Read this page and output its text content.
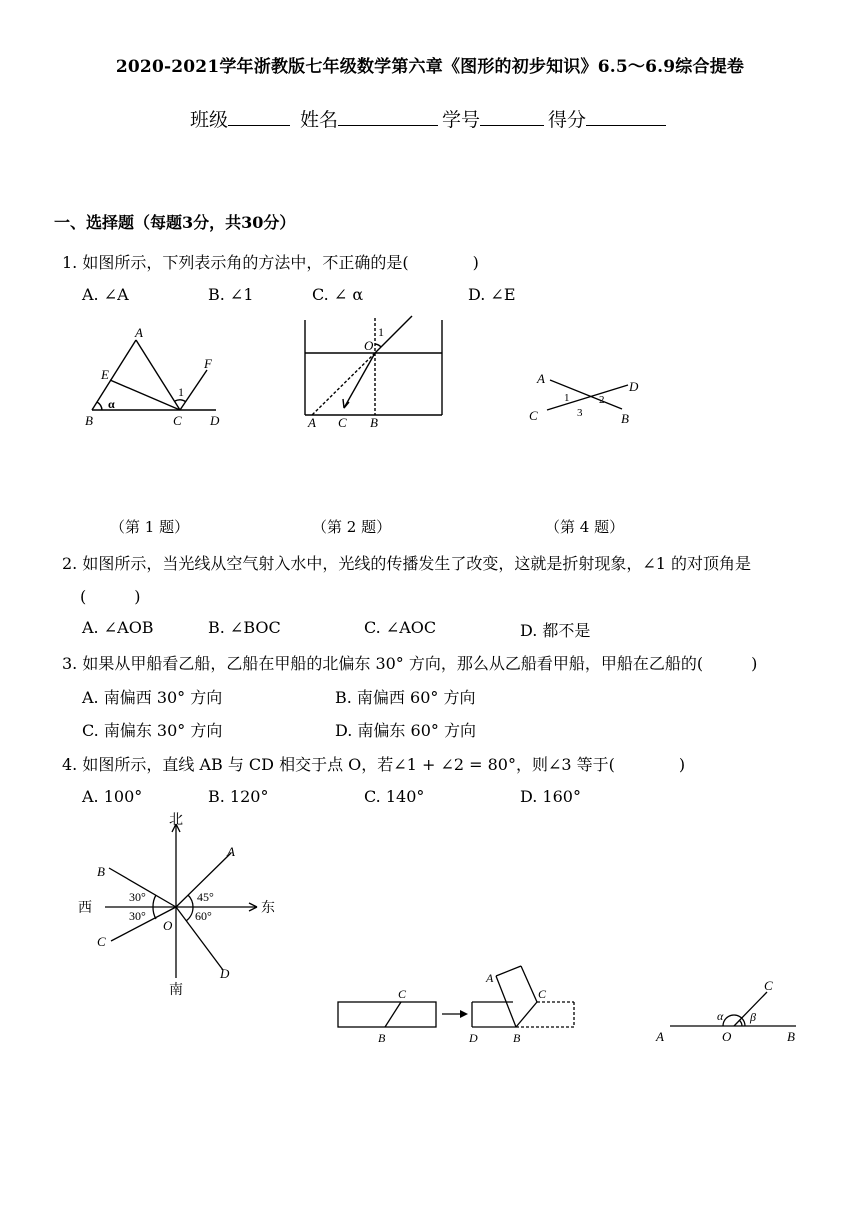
2020-2021学年浙教版七年级数学第六章《图形的初步知识》6.5～6.9综合提卷
班级	姓名	学号	得分
一、选择题（每题3分，共30分）
1. 如图所示，下列表示角的方法中，不正确的是(　　　　)
A. ∠A	B. ∠1	C. ∠ α	D. ∠E
A
E
B	C D
F
1
α
O
1
A C B
A
D
C	B
1	2
3
（第 1 题）	（第 2 题）	（第 4 题）
2. 如图所示，当光线从空气射入水中，光线的传播发生了改变，这就是折射现象，∠1 的对顶角是
(　　　)
A. ∠AOB	B. ∠BOC	C. ∠AOC	D. 都不是
3. 如果从甲船看乙船，乙船在甲船的北偏东 30° 方向，那么从乙船看甲船，甲船在乙船的(　　　)
A. 南偏西 30° 方向	B. 南偏西 60° 方向
C. 南偏东 30° 方向	D. 南偏东 60° 方向
4. 如图所示，直线 AB 与 CD 相交于点 O，若∠1 + ∠2 = 80°，则∠3 等于(　　　　)
A. 100°	B. 120°	C. 140°	D. 160°
北
南
西	东
A
B
C
D
O
30°
30°
45°
60°
C
B
A
C
D	B
C
A	O	B
α β
